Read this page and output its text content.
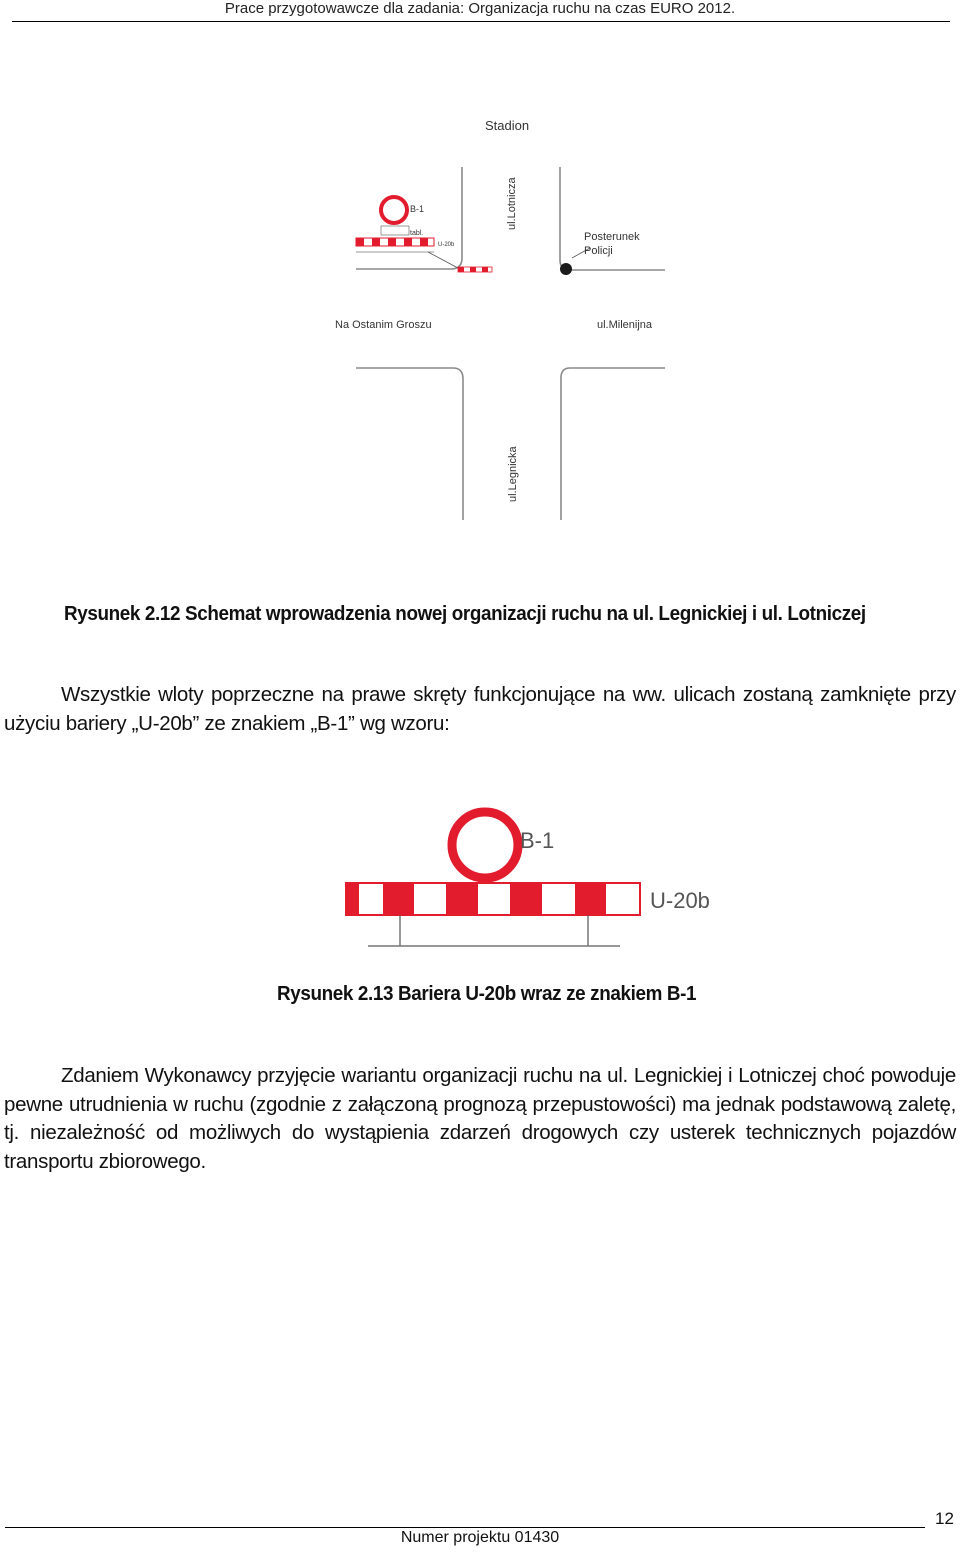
Prace przygotowawcze dla zadania: Organizacja ruchu na czas EURO 2012.
Stadion
ul.Lotnicza
ul.Legnicka
Posterunek
Policji
Na Ostanim Groszu	ul.Milenijna
B-1
tabl.
U-20b
Rysunek 2.12 Schemat wprowadzenia nowej organizacji ruchu na ul. Legnickiej i ul. Lotniczej
Wszystkie wloty poprzeczne na prawe skręty funkcjonujące na ww. ulicach zostaną zamknięte przy użyciu bariery „U-20b” ze znakiem „B-1” wg wzoru:
B-1
U-20b
Rysunek 2.13 Bariera U-20b wraz ze znakiem B-1
Zdaniem Wykonawcy przyjęcie wariantu organizacji ruchu na ul. Legnickiej i Lotniczej choć powoduje pewne utrudnienia w ruchu (zgodnie z załączoną prognozą przepustowości) ma jednak podstawową zaletę, tj. niezależność od możliwych do wystąpienia zdarzeń drogowych czy usterek technicznych pojazdów transportu zbiorowego.
12
Numer projektu 01430
